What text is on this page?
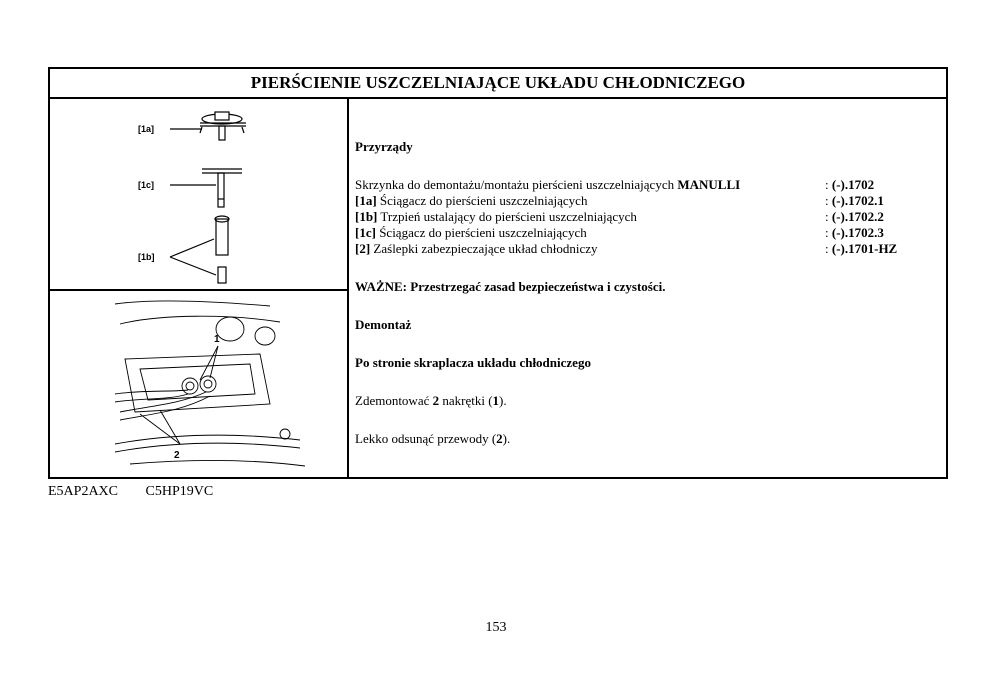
PIERŚCIENIE USZCZELNIAJĄCE UKŁADU CHŁODNICZEGO
[1a]
[1c]
[1b]
1
2

Przyrządy

Skrzynka do demontażu/montażu pierścieni uszczelniających MANULLI	: (-).1702
[1a] Ściągacz do pierścieni uszczelniających	: (-).1702.1
[1b] Trzpień ustalający do pierścieni uszczelniających	: (-).1702.2
[1c] Ściągacz do pierścieni uszczelniających	: (-).1702.3
[2] Zaślepki zabezpieczające układ chłodniczy	: (-).1701-HZ

WAŻNE: Przestrzegać zasad bezpieczeństwa i czystości.

Demontaż

Po stronie skraplacza układu chłodniczego

Zdemontować 2 nakrętki (1).

Lekko odsunąć przewody (2).

E5AP2AXC C5HP19VC
153
